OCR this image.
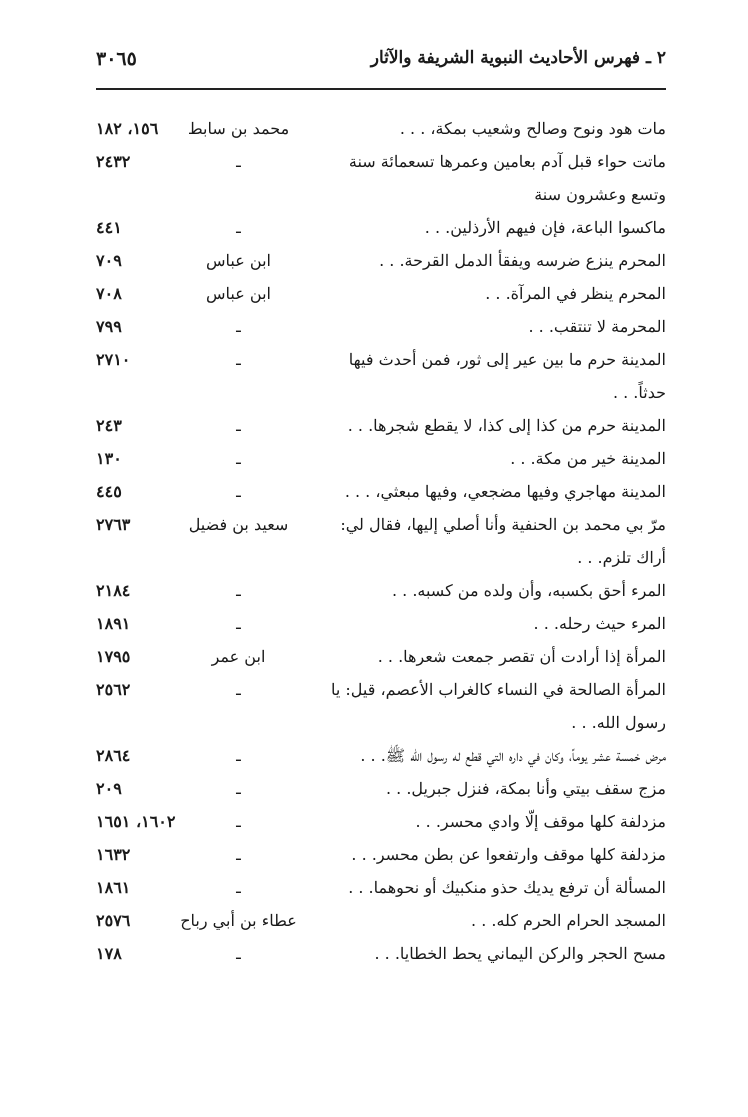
٢ ـ فهرس الأحاديث النبوية الشريفة والآثار
٣٠٦٥
مات هود ونوح وصالح وشعيب بمكة، . . .
محمد بن سابط
١٥٦، ١٨٢
ماتت حواء قبل آدم بعامين وعمرها تسعمائة سنة وتسع وعشرون سنة
ـ
٢٤٣٢
ماكسوا الباعة، فإن فيهم الأرذلين. . .
ـ
٤٤١
المحرم ينزع ضرسه ويفقأ الدمل القرحة. . .
ابن عباس
٧٠٩
المحرم ينظر في المرآة. . .
ابن عباس
٧٠٨
المحرمة لا تنتقب. . .
ـ
٧٩٩
المدينة حرم ما بين عير إلى ثور، فمن أحدث فيها حدثاً. . .
ـ
٢٧١٠
المدينة حرم من كذا إلى كذا، لا يقطع شجرها. . .
ـ
٢٤٣
المدينة خير من مكة. . .
ـ
١٣٠
المدينة مهاجري وفيها مضجعي، وفيها مبعثي، . . .
ـ
٤٤٥
مرّ بي محمد بن الحنفية وأنا أصلي إليها، فقال لي: أراك تلزم. . .
سعيد بن فضيل
٢٧٦٣
المرء أحق بكسبه، وأن ولده من كسبه. . .
ـ
٢١٨٤
المرء حيث رحله. . .
ـ
١٨٩١
المرأة إذا أرادت أن تقصر جمعت شعرها. . .
ابن عمر
١٧٩٥
المرأة الصالحة في النساء كالغراب الأعصم، قيل: يا رسول الله. . .
ـ
٢٥٦٢
مرض خمسة عشر يوماً، وكان في داره التي قطع له رسول الله ﷺ. . .
ـ
٢٨٦٤
مزج سقف بيتي وأنا بمكة، فنزل جبريل. . .
ـ
٢٠٩
مزدلفة كلها موقف إلّا وادي محسر. . .
ـ
١٦٠٢، ١٦٥١
مزدلفة كلها موقف وارتفعوا عن بطن محسر. . .
ـ
١٦٣٢
المسألة أن ترفع يديك حذو منكبيك أو نحوهما. . .
ـ
١٨٦١
المسجد الحرام الحرم كله. . .
عطاء بن أبي رباح
٢٥٧٦
مسح الحجر والركن اليماني يحط الخطايا. . .
ـ
١٧٨
